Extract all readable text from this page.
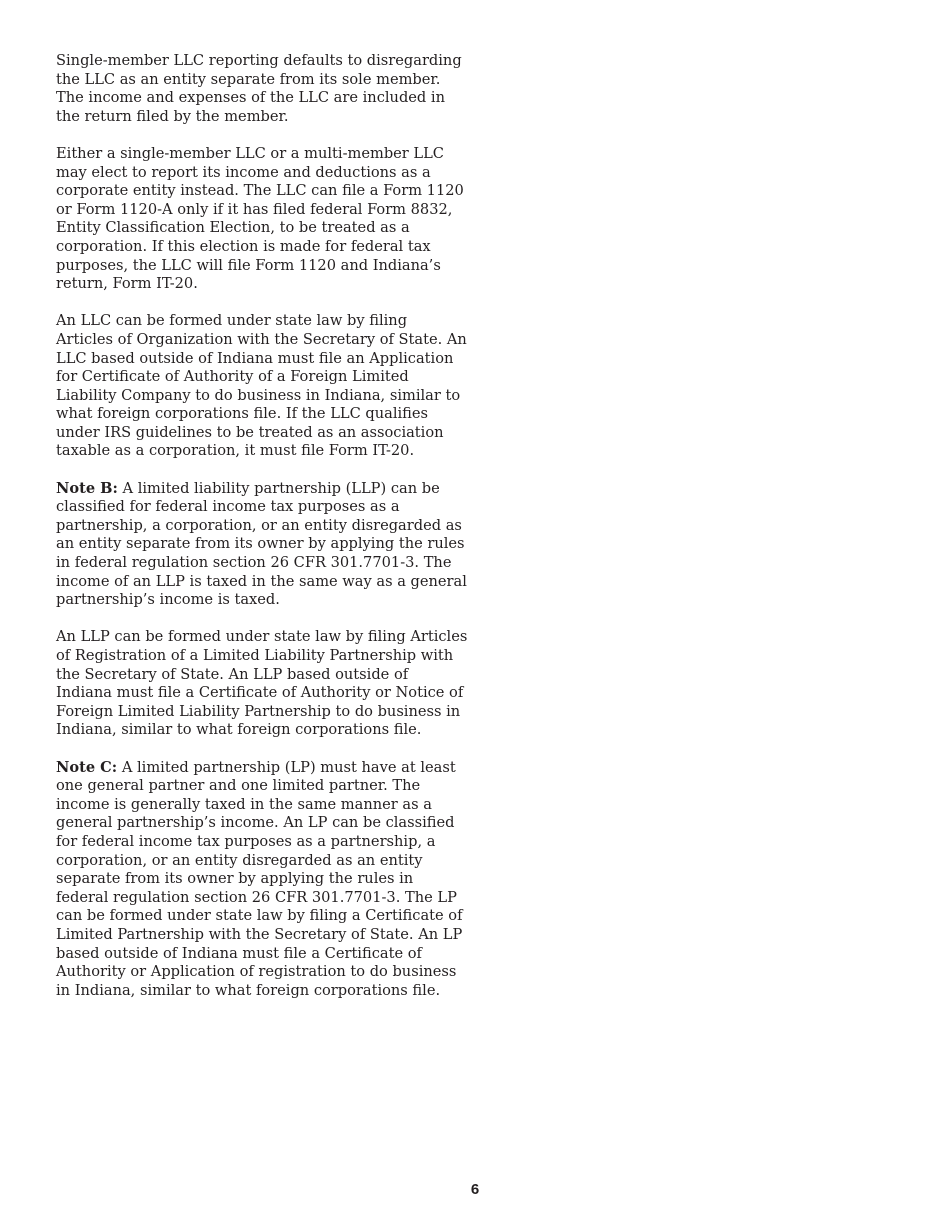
Single-member LLC reporting defaults to disregarding the LLC as an entity separate from its sole member. The income and expenses of the LLC are included in the return filed by the member.

Either a single-member LLC or a multi-member LLC may elect to report its income and deductions as a corporate entity instead. The LLC can file a Form 1120 or Form 1120-A only if it has filed federal Form 8832, Entity Classification Election, to be treated as a corporation. If this election is made for federal tax purposes, the LLC will file Form 1120 and Indiana’s return, Form IT-20.

An LLC can be formed under state law by filing Articles of Organization with the Secretary of State. An LLC based outside of Indiana must file an Application for Certificate of Authority of a Foreign Limited Liability Company to do business in Indiana, similar to what foreign corporations file. If the LLC qualifies under IRS guidelines to be treated as an association taxable as a corporation, it must file Form IT-20.

Note B: A limited liability partnership (LLP) can be classified for federal income tax purposes as a partnership, a corporation, or an entity disregarded as an entity separate from its owner by applying the rules in federal regulation section 26 CFR 301.7701-3. The income of an LLP is taxed in the same way as a general partnership’s income is taxed.

An LLP can be formed under state law by filing Articles of Registration of a Limited Liability Partnership with the Secretary of State. An LLP based outside of Indiana must file a Certificate of Authority or Notice of Foreign Limited Liability Partnership to do business in Indiana, similar to what foreign corporations file.

Note C: A limited partnership (LP) must have at least one general partner and one limited partner. The income is generally taxed in the same manner as a general partnership’s income. An LP can be classified for federal income tax purposes as a partnership, a corporation, or an entity disregarded as an entity separate from its owner by applying the rules in federal regulation section 26 CFR 301.7701-3. The LP can be formed under state law by filing a Certificate of Limited Partnership with the Secretary of State. An LP based outside of Indiana must file a Certificate of Authority or Application of registration to do business in Indiana, similar to what foreign corporations file.

6
